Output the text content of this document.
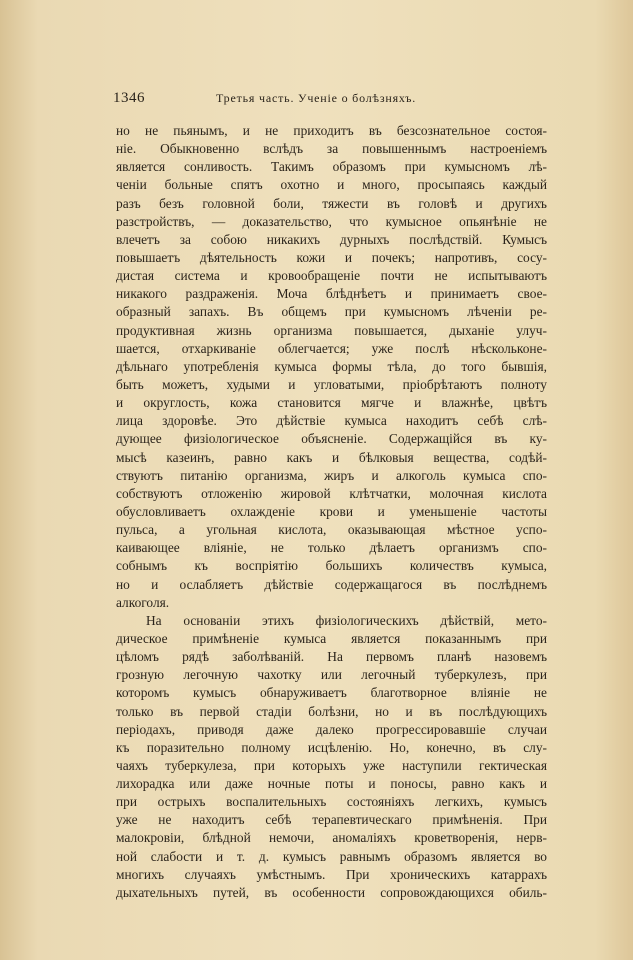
1346	Третья часть. Ученіе о болѣзняхъ.
но не пьянымъ, и не приходитъ въ безсознательное состоя-
ніе. Обыкновенно вслѣдъ за повышеннымъ настроеніемъ
является сонливость. Такимъ образомъ при кумысномъ лѣ-
ченіи больные спятъ охотно и много, просыпаясь каждый
разъ безъ головной боли, тяжести въ головѣ и другихъ
разстройствъ, — доказательство, что кумысное опьянѣніе не
влечетъ за собою никакихъ дурныхъ послѣдствій. Кумысъ
повышаетъ дѣятельность кожи и почекъ; напротивъ, сосу-
дистая система и кровообращеніе почти не испытываютъ
никакого раздраженія. Моча блѣднѣетъ и принимаетъ свое-
образный запахъ. Въ общемъ при кумысномъ лѣченіи ре-
продуктивная жизнь организма повышается, дыханіе улуч-
шается, отхаркиваніе облегчается; уже послѣ нѣскольконе-
дѣльнаго употребленія кумыса формы тѣла, до того бывшія,
быть можетъ, худыми и угловатыми, пріобрѣтаютъ полноту
и округлость, кожа становится мягче и влажнѣе, цвѣтъ
лица здоровѣе. Это дѣйствіе кумыса находитъ себѣ слѣ-
дующее физіологическое объясненіе. Содержащійся въ ку-
мысѣ казеинъ, равно какъ и бѣлковыя вещества, содѣй-
ствуютъ питанію организма, жиръ и алкоголь кумыса спо-
собствуютъ отложенію жировой клѣтчатки, молочная кислота
обусловливаетъ охлажденіе крови и уменьшеніе частоты
пульса, а угольная кислота, оказывающая мѣстное успо-
каивающее вліяніе, не только дѣлаетъ организмъ спо-
собнымъ къ воспріятію большихъ количествъ кумыса,
но и ослабляетъ дѣйствіе содержащагося въ послѣднемъ
алкоголя.
На основаніи этихъ физіологическихъ дѣйствій, мето-
дическое примѣненіе кумыса является показаннымъ при
цѣломъ рядѣ заболѣваній. На первомъ планѣ назовемъ
грозную легочную чахотку или легочный туберкулезъ, при
которомъ кумысъ обнаруживаетъ благотворное вліяніе не
только въ первой стадіи болѣзни, но и въ послѣдующихъ
періодахъ, приводя даже далеко прогрессировавшіе случаи
къ поразительно полному исцѣленію. Но, конечно, въ слу-
чаяхъ туберкулеза, при которыхъ уже наступили гектическая
лихорадка или даже ночные поты и поносы, равно какъ и
при острыхъ воспалительныхъ состояніяхъ легкихъ, кумысъ
уже не находитъ себѣ терапевтическаго примѣненія. При
малокровіи, блѣдной немочи, аномаліяхъ кроветворенія, нерв-
ной слабости и т. д. кумысъ равнымъ образомъ является во
многихъ случаяхъ умѣстнымъ. При хроническихъ катаррахъ
дыхательныхъ путей, въ особенности сопровождающихся обиль-
